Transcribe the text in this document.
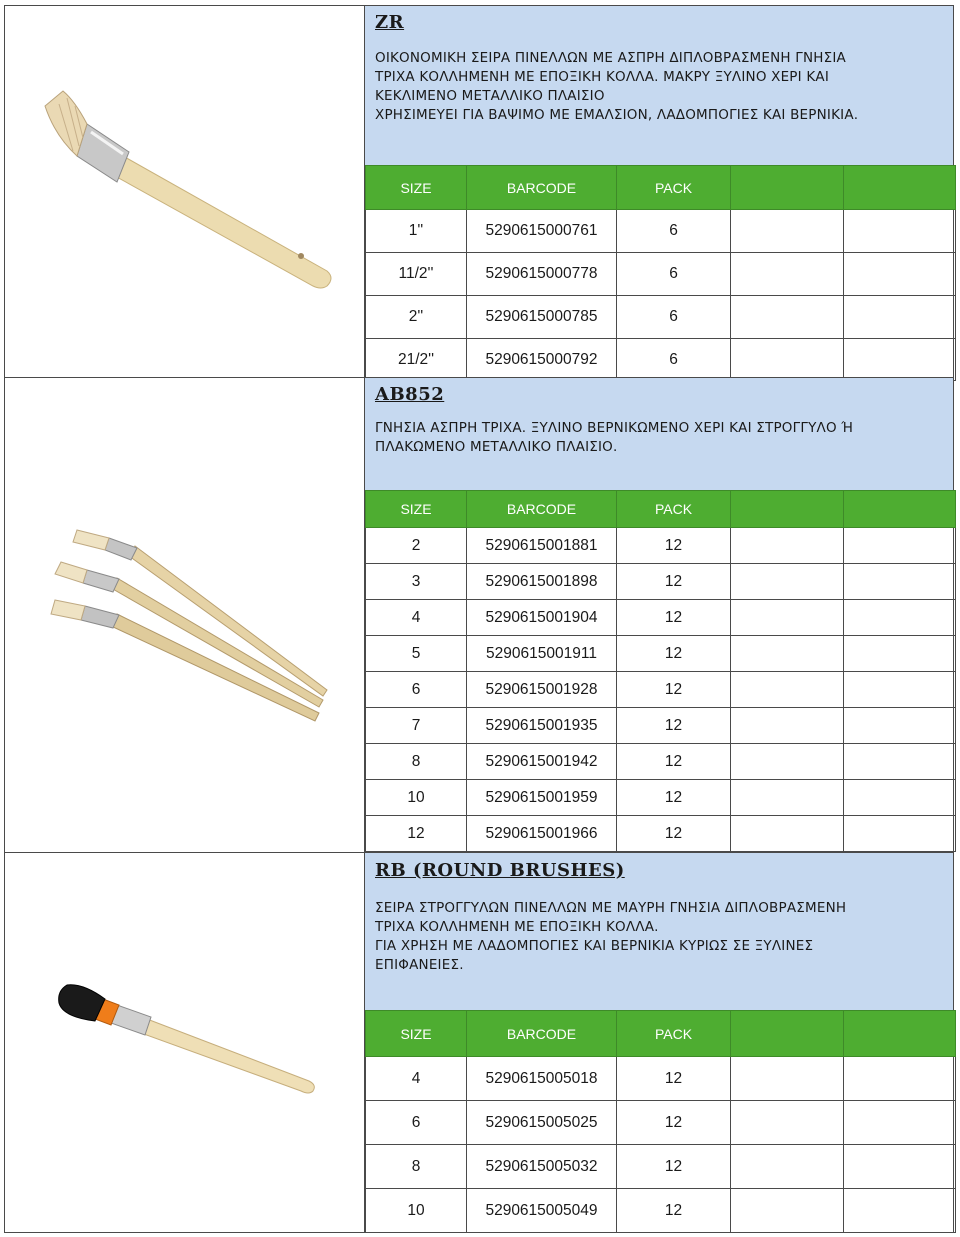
ZR

ΟΙΚΟΝΟΜΙΚΗ ΣΕΙΡΑ ΠΙΝΕΛΛΩΝ ΜΕ ΑΣΠΡΗ ΔΙΠΛΟΒΡΑΣΜΕΝΗ ΓΝΗΣΙΑ

ΤΡΙΧΑ ΚΟΛΛΗΜΕΝΗ ΜΕ ΕΠΟΞΙΚΗ ΚΟΛΛΑ. ΜΑΚΡΥ ΞΥΛΙΝΟ ΧΕΡΙ ΚΑΙ

ΚΕΚΛΙΜΕΝΟ ΜΕΤΑΛΛΙΚΟ ΠΛΑΙΣΙΟ

ΧΡΗΣΙΜΕΥΕΙ ΓΙΑ ΒΑΨΙΜΟ ΜΕ ΕΜΑΛΣΙΟΝ, ΛΑΔΟΜΠΟΓΙΕΣ ΚΑΙ ΒΕΡΝΙΚΙΑ.

SIZE	BARCODE	PACK		
1''	5290615000761	6		
11/2''	5290615000778	6		
2''	5290615000785	6		
21/2''	5290615000792	6		
AB852

ΓΝΗΣΙΑ ΑΣΠΡΗ ΤΡΙΧΑ. ΞΥΛΙΝΟ ΒΕΡΝΙΚΩΜΕΝΟ ΧΕΡΙ ΚΑΙ ΣΤΡΟΓΓΥΛΟ Ή

ΠΛΑΚΩΜΕΝΟ ΜΕΤΑΛΛΙΚΟ ΠΛΑΙΣΙΟ.

SIZE	BARCODE	PACK		
2	5290615001881	12		
3	5290615001898	12		
4	5290615001904	12		
5	5290615001911	12		
6	5290615001928	12		
7	5290615001935	12		
8	5290615001942	12		
10	5290615001959	12		
12	5290615001966	12		
RB (ROUND BRUSHES)

ΣΕΙΡΑ ΣΤΡΟΓΓΥΛΩΝ ΠΙΝΕΛΛΩΝ ΜΕ ΜΑΥΡΗ ΓΝΗΣΙΑ ΔΙΠΛΟΒΡΑΣΜΕΝΗ

ΤΡΙΧΑ ΚΟΛΛΗΜΕΝΗ ΜΕ ΕΠΟΞΙΚΗ ΚΟΛΛΑ.

ΓΙΑ ΧΡΗΣΗ ΜΕ ΛΑΔΟΜΠΟΓΙΕΣ ΚΑΙ ΒΕΡΝΙΚΙΑ ΚΥΡΙΩΣ ΣΕ ΞΥΛΙΝΕΣ

ΕΠΙΦΑΝΕΙΕΣ.

SIZE	BARCODE	PACK		
4	5290615005018	12		
6	5290615005025	12		
8	5290615005032	12		
10	5290615005049	12		
